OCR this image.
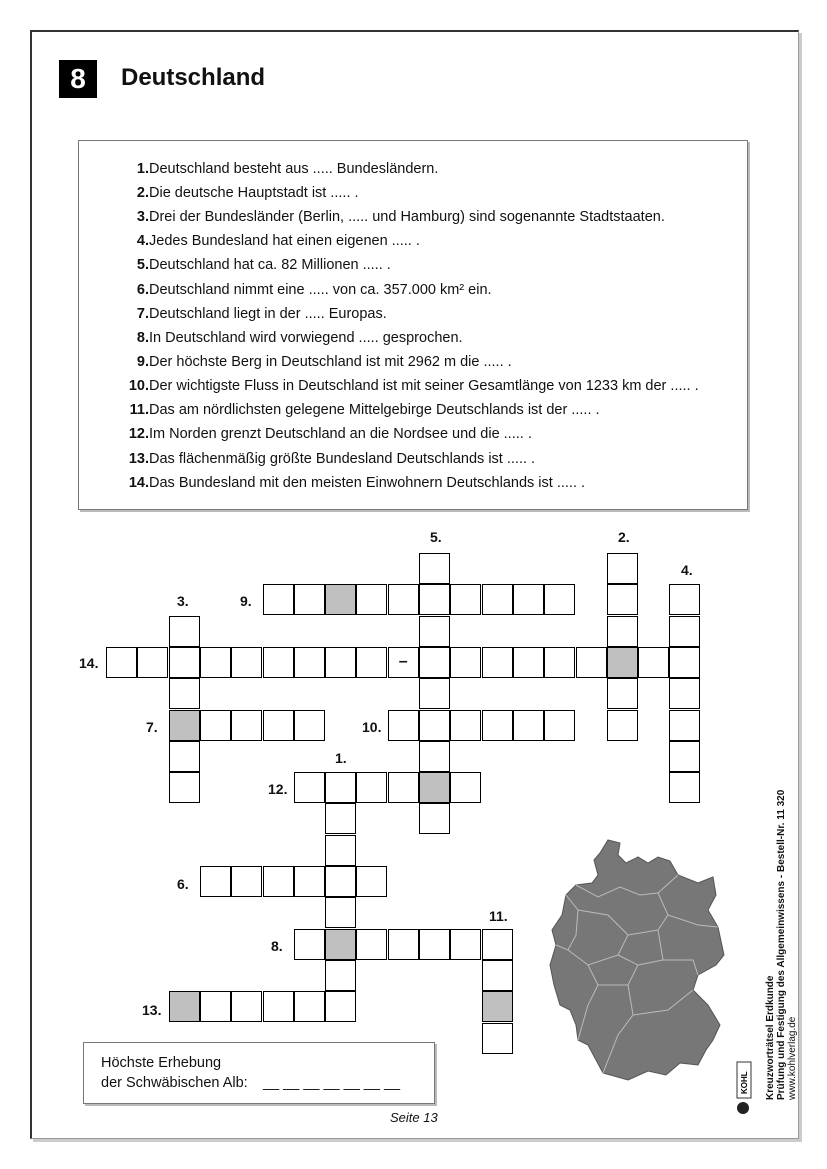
8	Deutschland
1. Deutschland besteht aus ..... Bundesländern.
2. Die deutsche Hauptstadt ist ..... .
3. Drei der Bundesländer (Berlin, ..... und Hamburg) sind sogenannte Stadtstaaten.
4. Jedes Bundesland hat einen eigenen ..... .
5. Deutschland hat ca. 82 Millionen ..... .
6. Deutschland nimmt eine ..... von ca. 357.000 km² ein.
7. Deutschland liegt in der ..... Europas.
8. In Deutschland wird vorwiegend ..... gesprochen.
9. Der höchste Berg in Deutschland ist mit 2962 m die ..... .
10. Der wichtigste Fluss in Deutschland ist mit seiner Gesamtlänge von 1233 km der ..... .
11. Das am nördlichsten gelegene Mittelgebirge Deutschlands ist der ..... .
12. Im Norden grenzt Deutschland an die Nordsee und die ..... .
13. Das flächenmäßig größte Bundesland Deutschlands ist ..... .
14. Das Bundesland mit den meisten Einwohnern Deutschlands ist ..... .
–
5.	2.
4.
3.	9.
14.
7.	10.
1.
12.
6.
11.
8.
13.
Höchste Erhebung
der Schwäbischen Alb: __ __ __ __ __ __ __
Seite 13
KOHL Kreuzworträtsel Erdkunde Prüfung und Festigung des Allgemeinwissens - Bestell-Nr. 11 320 www.kohlverlag.de
